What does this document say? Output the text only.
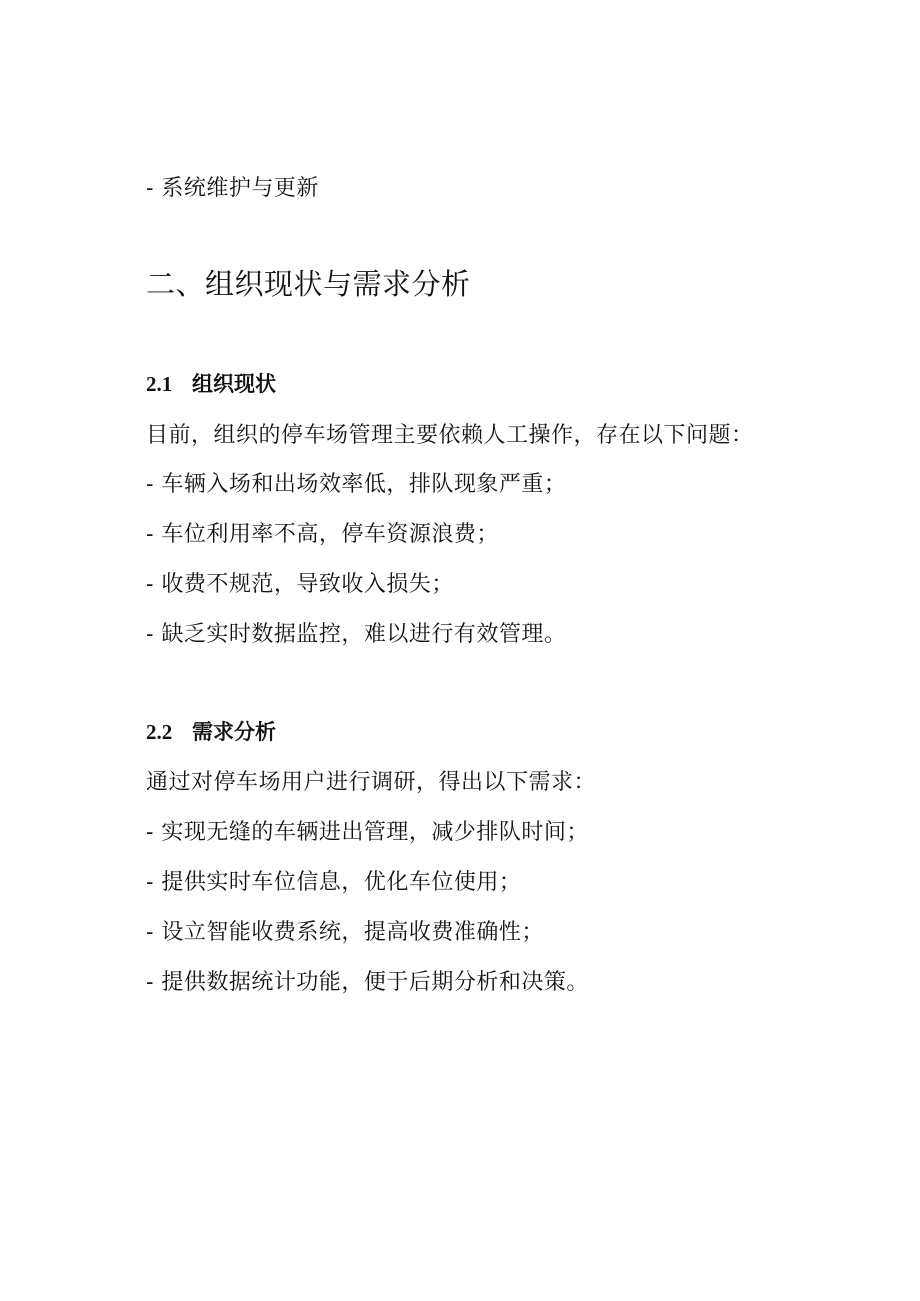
- 系统维护与更新
二、组织现状与需求分析
2.1 组织现状
目前，组织的停车场管理主要依赖人工操作，存在以下问题：
- 车辆入场和出场效率低，排队现象严重；
- 车位利用率不高，停车资源浪费；
- 收费不规范，导致收入损失；
- 缺乏实时数据监控，难以进行有效管理。
2.2 需求分析
通过对停车场用户进行调研，得出以下需求：
- 实现无缝的车辆进出管理，减少排队时间；
- 提供实时车位信息，优化车位使用；
- 设立智能收费系统，提高收费准确性；
- 提供数据统计功能，便于后期分析和决策。
